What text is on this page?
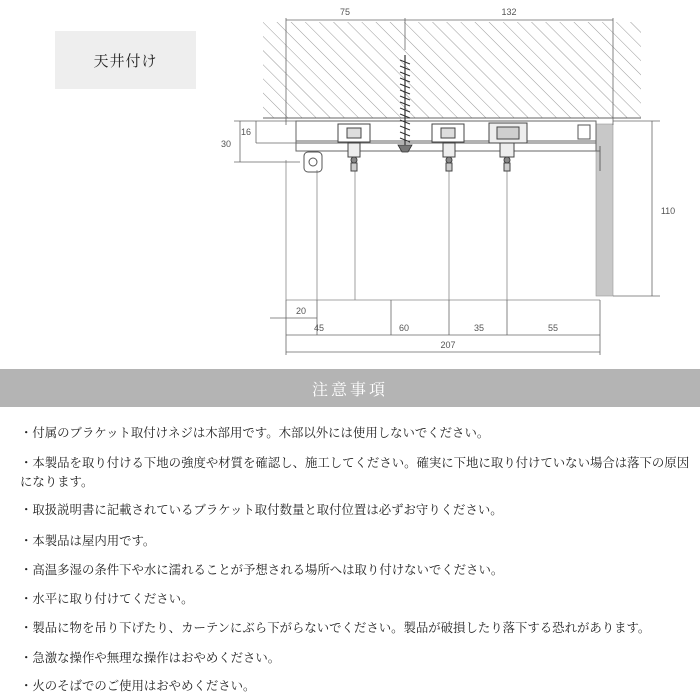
天井付け
75	132
16
30
110
20
45	60	35	55
207
注意事項
・付属のブラケット取付けネジは木部用です。木部以外には使用しないでください。
・本製品を取り付ける下地の強度や材質を確認し、施工してください。確実に下地に取り付けていない場合は落下の原因になります。
・取扱説明書に記載されているブラケット取付数量と取付位置は必ずお守りください。
・本製品は屋内用です。
・高温多湿の条件下や水に濡れることが予想される場所へは取り付けないでください。
・水平に取り付けてください。
・製品に物を吊り下げたり、カーテンにぶら下がらないでください。製品が破損したり落下する恐れがあります。
・急激な操作や無理な操作はおやめください。
・火のそばでのご使用はおやめください。
